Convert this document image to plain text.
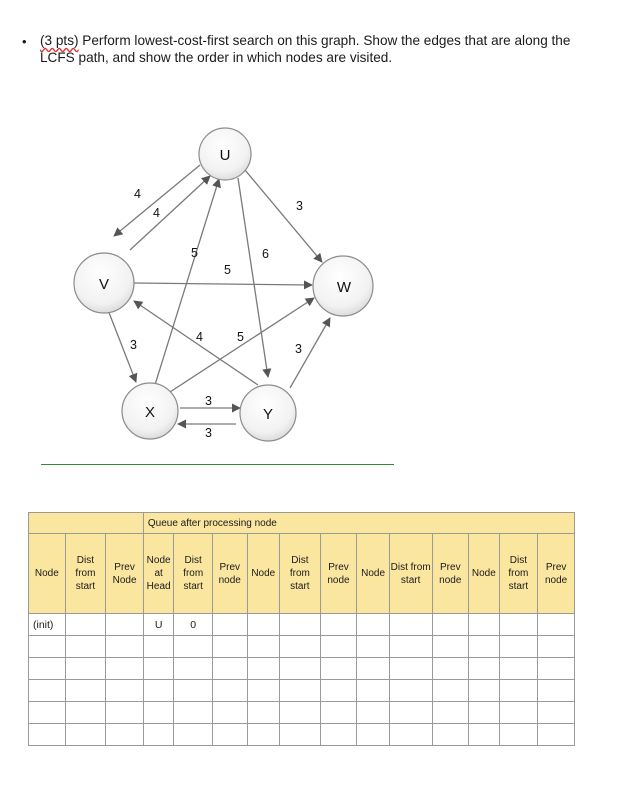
• (3 pts) Perform lowest-cost-first search on this graph. Show the edges that are along the LCFS path, and show the order in which nodes are visited.
4
4	3
6
5
3
5
4	5
3
3
3
U
V	W
X	Y
			Queue after processing node											
Node	Dist from start	Prev Node	Node at Head	Dist from start	Prev node	Node	Dist from start	Prev node	Node	Dist from start	Prev node	Node	Dist from start	Prev node
(init)			U	0										
